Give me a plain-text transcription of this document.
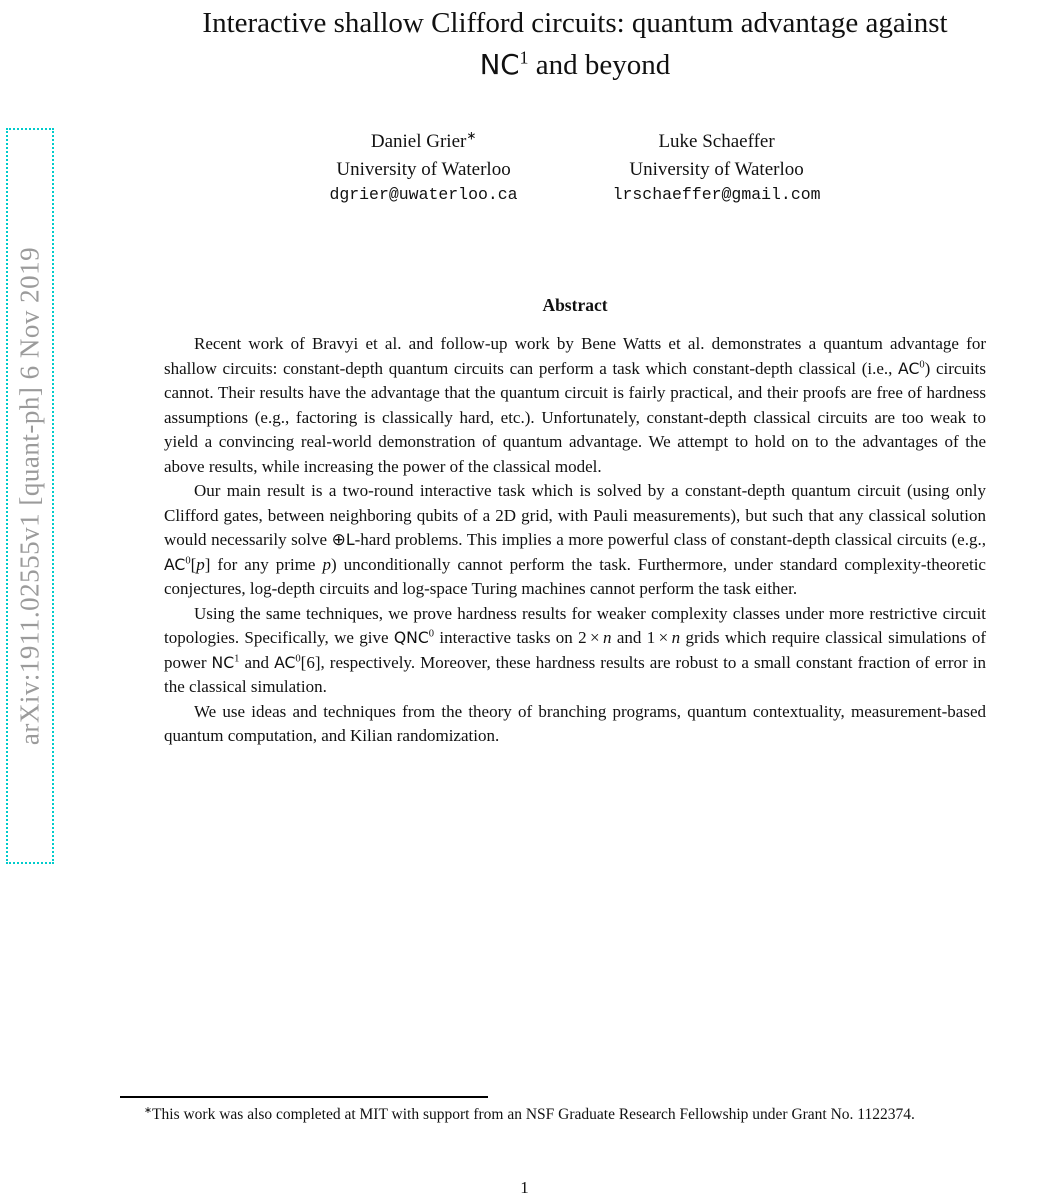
arXiv:1911.02555v1 [quant-ph] 6 Nov 2019
Interactive shallow Clifford circuits: quantum advantage against
$NC^1$ and beyond
Daniel Grier∗
University of Waterloo
dgrier@uwaterloo.ca
Luke Schaeffer
University of Waterloo
lrschaeffer@gmail.com
Abstract

Recent work of Bravyi et al. and follow-up work by Bene Watts et al. demonstrates a quantum advantage for shallow circuits: constant-depth quantum circuits can perform a task which constant-depth classical (i.e., $AC^0$) circuits cannot. Their results have the advantage that the quantum circuit is fairly practical, and their proofs are free of hardness assumptions (e.g., factoring is classically hard, etc.). Unfortunately, constant-depth classical circuits are too weak to yield a convincing real-world demonstration of quantum advantage. We attempt to hold on to the advantages of the above results, while increasing the power of the classical model.

Our main result is a two-round interactive task which is solved by a constant-depth quantum circuit (using only Clifford gates, between neighboring qubits of a 2D grid, with Pauli measurements), but such that any classical solution would necessarily solve ⊕L-hard problems. This implies a more powerful class of constant-depth classical circuits (e.g., $AC^0[p]$ for any prime p) unconditionally cannot perform the task. Furthermore, under standard complexity-theoretic conjectures, log-depth circuits and log-space Turing machines cannot perform the task either.

Using the same techniques, we prove hardness results for weaker complexity classes under more restrictive circuit topologies. Specifically, we give QNC$^0$ interactive tasks on 2 × n and 1 × n grids which require classical simulations of power $NC^1$ and $AC^0[6]$, respectively. Moreover, these hardness results are robust to a small constant fraction of error in the classical simulation.

We use ideas and techniques from the theory of branching programs, quantum contextuality, measurement-based quantum computation, and Kilian randomization.

∗This work was also completed at MIT with support from an NSF Graduate Research Fellowship under Grant No. 1122374.
1
